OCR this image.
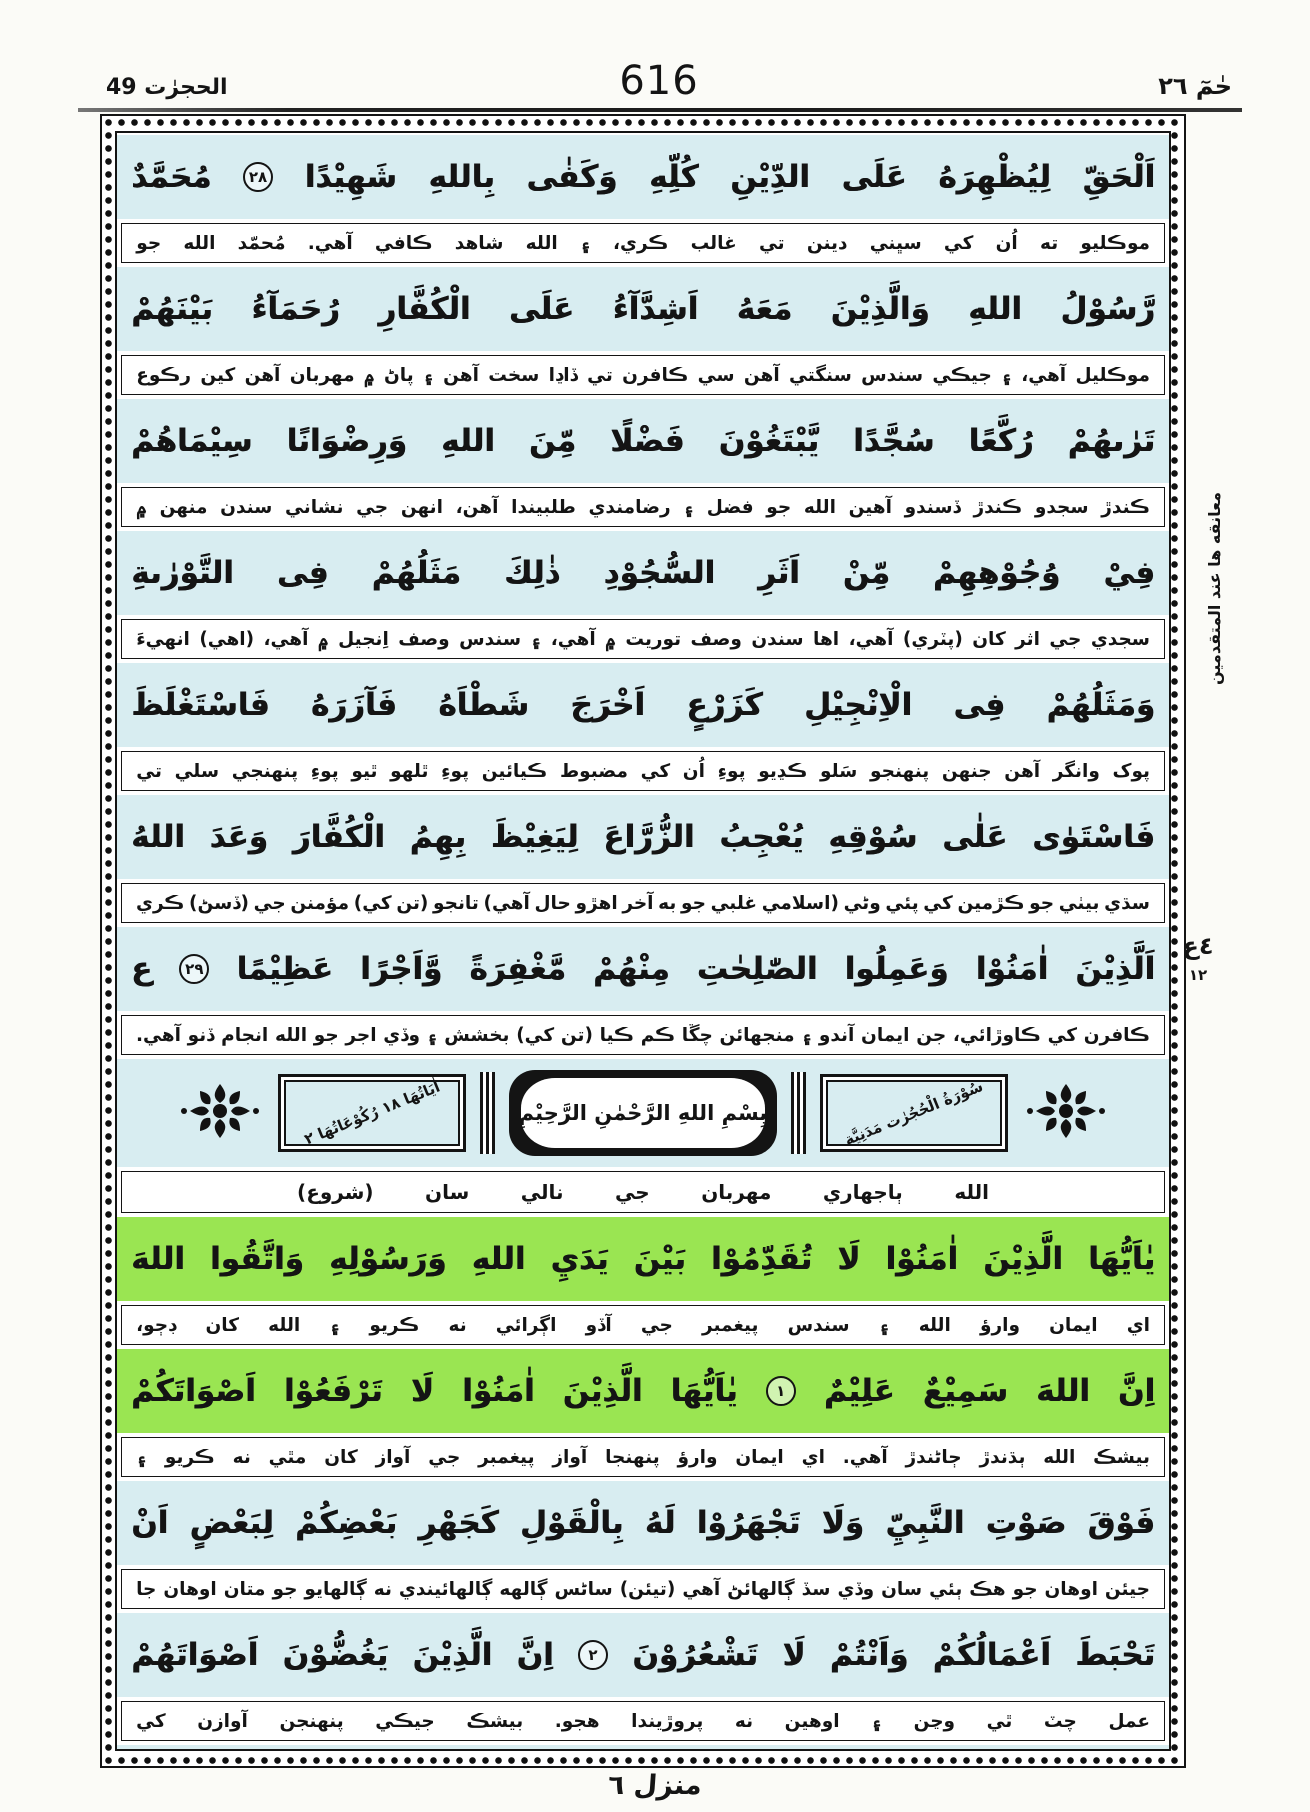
الحجرٰت 49	616	حٰمٓ ٢٦
اَلْحَقِّ
لِيُظْهِرَهُ
عَلَى
الدِّيْنِ
كُلِّهِ
وَكَفٰى
بِاللهِ
شَهِيْدًا
٢٨
مُحَمَّدٌ
موڪليو
ته
اُن
کي
سڀني
دينن
تي
غالب
ڪري،
۽
الله
شاهد
ڪافي
آهي.
مُحمّد
الله
جو
رَّسُوْلُ
اللهِ
وَالَّذِيْنَ
مَعَهُ
اَشِدَّآءُ
عَلَى
الْكُفَّارِ
رُحَمَآءُ
بَيْنَهُمْ
موڪليل
آهي،
۽
جيڪي
سندس
سنگتي
آهن
سي
ڪافرن
تي
ڏاڍا
سخت
آهن
۽
پاڻ
۾
مهربان
آهن
کين
رڪوع
تَرٰىهُمْ
رُكَّعًا
سُجَّدًا
يَّبْتَغُوْنَ
فَضْلًا
مِّنَ
اللهِ
وَرِضْوَانًا
سِيْمَاهُمْ
ڪندڙ
سجدو
ڪندڙ
ڏسندو
آهين
الله
جو
فضل
۽
رضامندي
طلبيندا
آهن،
انهن
جي
نشاني
سندن
منهن
۾
فِيْ
وُجُوْهِهِمْ
مِّنْ
اَثَرِ
السُّجُوْدِ
ذٰلِكَ
مَثَلُهُمْ
فِى
التَّوْرٰىةِ
سجدي
جي
اثر
کان
(پٽري)
آهي،
اها
سندن
وصف
توريت
۾
آهي،
۽
سندس
وصف
اِنجيل
۾
آهي،
(اهي)
انهيءَ
وَمَثَلُهُمْ
فِى
الْاِنْجِيْلِ
كَزَرْعٍ
اَخْرَجَ
شَطْاَهُ
فَآزَرَهُ
فَاسْتَغْلَظَ
پوک
وانگر
آهن
جنهن
پنهنجو
سَلو
ڪڍيو
پوءِ
اُن
کي
مضبوط
ڪيائين
پوءِ
ٿلهو
ٿيو
پوءِ
پنهنجي
سلي
تي
فَاسْتَوٰى
عَلٰى
سُوْقِهِ
يُعْجِبُ
الزُّرَّاعَ
لِيَغِيْظَ
بِهِمُ
الْكُفَّارَ
وَعَدَ
اللهُ
سڌي
بيٺي
جو
ڪڙمين
کي
پئي
وڻي
(اسلامي
غلبي
جو
به
آخر
اهڙو
حال
آهي)
تانجو
(تن
کي)
مؤمنن
جي
(ڏسڻ)
ڪري
اَلَّذِيْنَ
اٰمَنُوْا
وَعَمِلُوا
الصّٰلِحٰتِ
مِنْهُمْ
مَّغْفِرَةً
وَّاَجْرًا
عَظِيْمًا
٢٩
ع
ڪافرن
کي
ڪاوڙائي،
جن
ايمان
آندو
۽
منجهائن
چڱا
ڪم
ڪيا
(تن
کي)
بخشش
۽
وڏي
اجر
جو
الله
انجام
ڏنو
آهي.
سُوْرَةُ الْحُجُرٰت مَدَنِيَّة
بِسْمِ اللهِ الرَّحْمٰنِ الرَّحِيْمِ
اٰيَاتُهَا ١٨ رُكُوْعَاتُهَا ٢
الله
ٻاجهاري
مهربان
جي
نالي
سان
(شروع)
يٰاَيُّهَا
الَّذِيْنَ
اٰمَنُوْا
لَا
تُقَدِّمُوْا
بَيْنَ
يَدَيِ
اللهِ
وَرَسُوْلِهِ
وَاتَّقُوا
اللهَ
اي
ايمان
وارؤ
الله
۽
سندس
پيغمبر
جي
آڏو
اڳرائي
نه
ڪريو
۽
الله
کان
ڊڄو،
اِنَّ
اللهَ
سَمِيْعٌ
عَلِيْمٌ
١
يٰاَيُّهَا
الَّذِيْنَ
اٰمَنُوْا
لَا
تَرْفَعُوْا
اَصْوَاتَكُمْ
بيشڪ
الله
ٻڌندڙ
ڄاڻندڙ
آهي.
اي
ايمان
وارؤ
پنهنجا
آواز
پيغمبر
جي
آواز
کان
مٿي
نه
ڪريو
۽
فَوْقَ
صَوْتِ
النَّبِيِّ
وَلَا
تَجْهَرُوْا
لَهُ
بِالْقَوْلِ
كَجَهْرِ
بَعْضِكُمْ
لِبَعْضٍ
اَنْ
جيئن
اوهان
جو
هڪ
ٻئي
سان
وڏي
سڏ
ڳالهائڻ
آهي
(تيئن)
ساڻس
ڳالهه
ڳالهائيندي
نه
ڳالهايو
جو
متان
اوهان
جا
تَحْبَطَ
اَعْمَالُكُمْ
وَاَنْتُمْ
لَا
تَشْعُرُوْنَ
٢
اِنَّ
الَّذِيْنَ
يَغُضُّوْنَ
اَصْوَاتَهُمْ
عمل
چٽ
ٿي
وڃن
۽
اوهين
نه
پروڙيندا
هجو.
بيشڪ
جيڪي
پنهنجن
آوازن
کي
معانقه ها عند المتقدمين
٤ع
١٢
منزل ٦
